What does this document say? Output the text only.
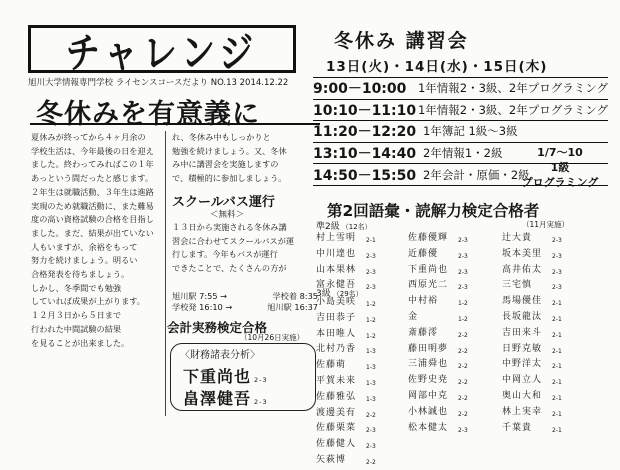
チャレンジ
旭川大学情報専門学校 ライセンスコースだより NO.13 2014.12.22
冬休みを有意義に
夏休みが終ってから４ヶ月余の
学校生活は、今年最後の日を迎え
ました。終わってみればこの１年
あっという間だったと感じます。
２年生は就職活動、３年生は進路
実現のため就職活動に、また難易
度の高い資格試験の合格を目指し
ました。まだ、結果が出ていない
人もいますが、余裕をもって
努力を続けましょう。明るい
合格発表を待ちましょう。
しかし、冬季間でも勉強
していれば成果が上がります。
１２月３日から５日まで
行われた中間試験の結果
を見ることが出来ました。
れ、冬休み中もしっかりと
勉強を続けましょう。又、冬休
み中に講習会を実施しますの
で、積極的に参加しましょう。
スクールバス運行
＜無料＞
１３日から実施される冬休み講
習会に合わせてスクールバスが運
行します。今年もバスが運行
できたことで、たくさんの方が
旭川駅 7:55 →	学校着 8:35
学校発 16:10 →	旭川駅 16:37
会計実務検定合格
（10月26日実施）
〈財務諸表分析〉
下重尚也 2-3
畠澤健吾 2-3
冬休み 講習会
13日(火)・14日(水)・15日(木)
9:00－10:00	1年情報2・3級、2年プログラミング
10:10－11:10 1年情報2・3級、2年プログラミング
11:20－12:20 1年簿記 1級〜3級
13:10－14:40 2年情報1・2級
14:50－15:50 2年会計・原価・2級
1/7〜10
1級
プログラミング
第2回語彙・読解力検定合格者
（11月実施）
準2級 （12名）
村上雪明	2-1
中川達也	2-3
山本果林	2-3
富永健吾	2-3
3級 （29名）
小島美咲	1-2
吉田恭子	1-2
本田唯人	1-2
北村乃香	1-3
佐藤萌	1-3
平賀未来	1-3
佐藤雅弘	1-3
渡邊美有	2-2
佐藤栗菜	2-3
佐藤健人	2-3
矢萩博	2-2
佐藤優輝	2-3
近藤優	2-3
下重尚也	2-3
西原光二	2-3
中村裕	1-2
金	1-2
斎藤澪	2-2
藤田明夢	2-2
三浦舜也	2-2
佐野史尭	2-2
岡部中克	2-2
小林誠也	2-2
松本健太	2-3
辻大貴	2-3
坂本美里	2-3
高井佑太	2-3
三宅慎	2-3
馬場優佳	2-1
長坂龍汰	2-1
吉田来斗	2-1
日野克敏	2-1
中野洋太	2-1
中岡立人	2-1
奥山大和	2-1
林上実幸	2-1
千葉貴	2-1
